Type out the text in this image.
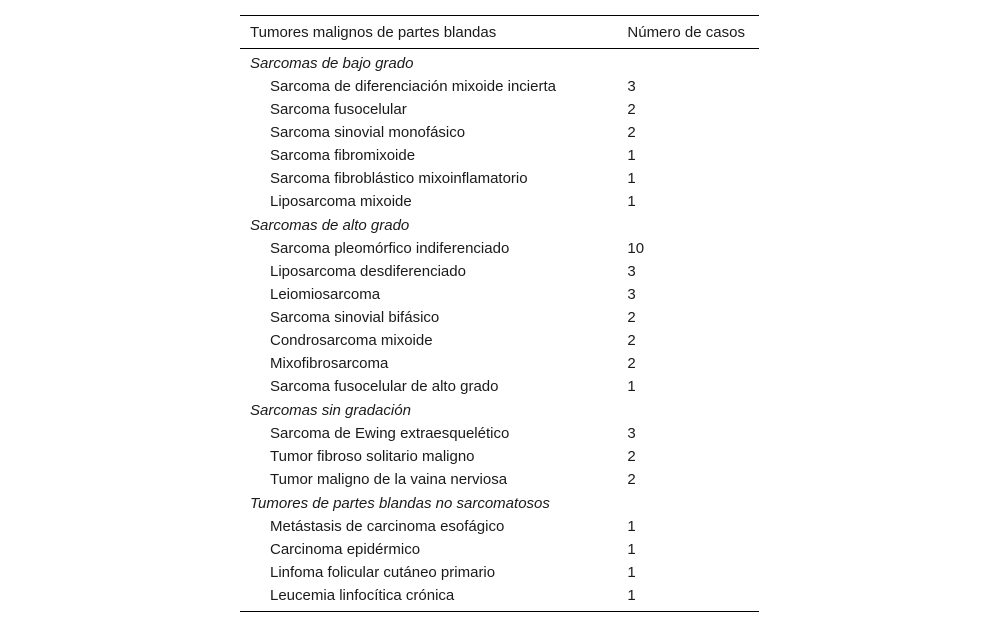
Tumores malignos de partes blandas	Número de casos
Sarcomas de bajo grado	
Sarcoma de diferenciación mixoide incierta	3
Sarcoma fusocelular	2
Sarcoma sinovial monofásico	2
Sarcoma fibromixoide	1
Sarcoma fibroblástico mixoinflamatorio	1
Liposarcoma mixoide	1
Sarcomas de alto grado	
Sarcoma pleomórfico indiferenciado	10
Liposarcoma desdiferenciado	3
Leiomiosarcoma	3
Sarcoma sinovial bifásico	2
Condrosarcoma mixoide	2
Mixofibrosarcoma	2
Sarcoma fusocelular de alto grado	1
Sarcomas sin gradación	
Sarcoma de Ewing extraesquelético	3
Tumor fibroso solitario maligno	2
Tumor maligno de la vaina nerviosa	2
Tumores de partes blandas no sarcomatosos	
Metástasis de carcinoma esofágico	1
Carcinoma epidérmico	1
Linfoma folicular cutáneo primario	1
Leucemia linfocítica crónica	1
